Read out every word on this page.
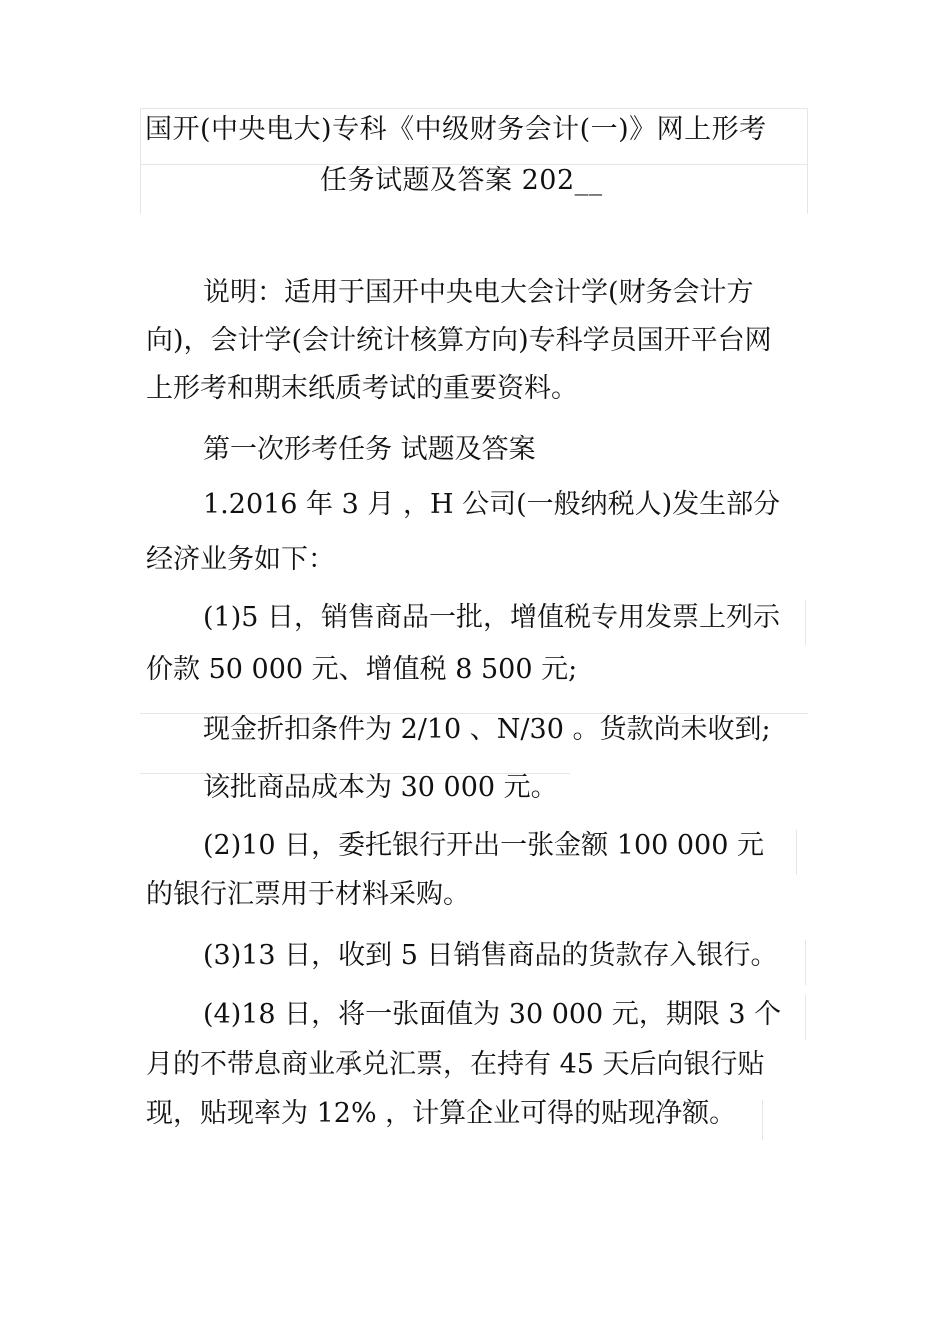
国开(中央电大)专科《中级财务会计(一)》网上形考
任务试题及答案 202__
说明：适用于国开中央电大会计学(财务会计方
向)，会计学(会计统计核算方向)专科学员国开平台网
上形考和期末纸质考试的重要资料。
第一次形考任务 试题及答案
1.2016 年 3 月 ，H 公司(一般纳税人)发生部分
经济业务如下：
(1)5 日，销售商品一批，增值税专用发票上列示
价款 50 000 元、增值税 8 500 元;
现金折扣条件为 2/10 、N/30 。货款尚未收到;
该批商品成本为 30 000 元。
(2)10 日，委托银行开出一张金额 100 000 元
的银行汇票用于材料采购。
(3)13 日，收到 5 日销售商品的货款存入银行。
(4)18 日，将一张面值为 30 000 元，期限 3 个
月的不带息商业承兑汇票，在持有 45 天后向银行贴
现，贴现率为 12% ，计算企业可得的贴现净额。
